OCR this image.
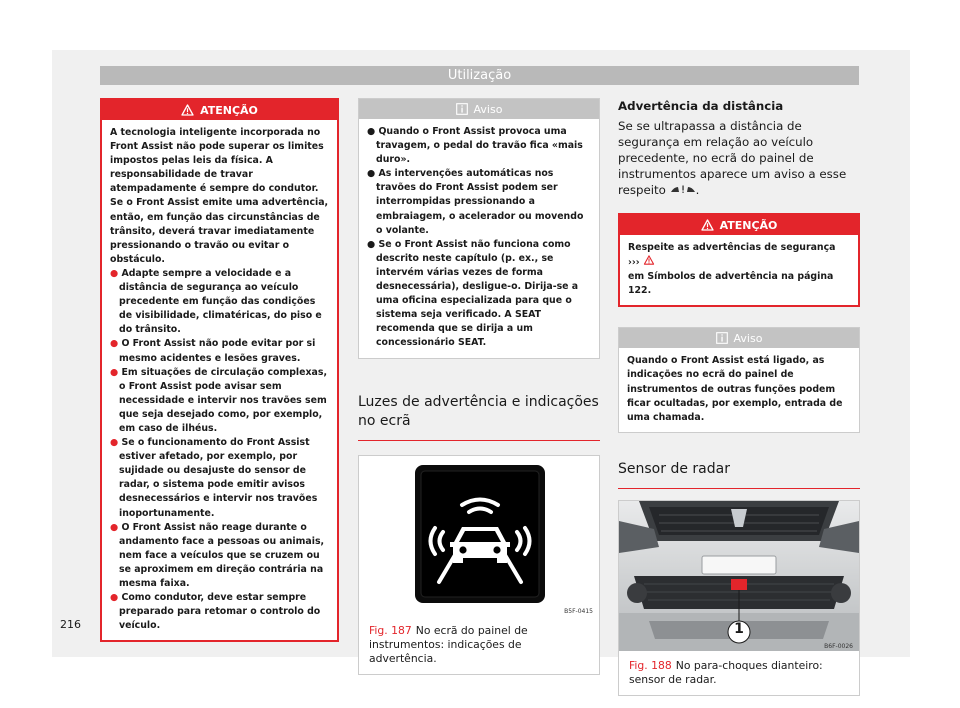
Utilização
ATENÇÃO

A tecnologia inteligente incorporada no Front Assist não pode superar os limites impostos pelas leis da física. A responsabilidade de travar atempadamente é sempre do condutor. Se o Front Assist emite uma advertência, então, em função das circunstâncias de trânsito, deverá travar imediatamente pressionando o travão ou evitar o obstáculo.

● Adapte sempre a velocidade e a distância de segurança ao veículo precedente em função das condições de visibilidade, climatéricas, do piso e do trânsito.

● O Front Assist não pode evitar por si mesmo acidentes e lesões graves.

● Em situações de circulação complexas, o Front Assist pode avisar sem necessidade e intervir nos travões sem que seja desejado como, por exemplo, em caso de ilhéus.

● Se o funcionamento do Front Assist estiver afetado, por exemplo, por sujidade ou desajuste do sensor de radar, o sistema pode emitir avisos desnecessários e intervir nos travões inoportunamente.

● O Front Assist não reage durante o andamento face a pessoas ou animais, nem face a veículos que se cruzem ou se aproximem em direção contrária na mesma faixa.

● Como condutor, deve estar sempre preparado para retomar o controlo do veículo.

Aviso

● Quando o Front Assist provoca uma travagem, o pedal do travão fica «mais duro».

● As intervenções automáticas nos travões do Front Assist podem ser interrompidas pressionando a embraiagem, o acelerador ou movendo o volante.

● Se o Front Assist não funciona como descrito neste capítulo (p. ex., se intervém várias vezes de forma desnecessária), desligue-o. Dirija-se a uma oficina especializada para que o sistema seja verificado. A SEAT recomenda que se dirija a um concessionário SEAT.

Luzes de advertência e indicações no ecrã
B5F-0415
Fig. 187 No ecrã do painel de instrumentos: indicações de advertência.
Advertência da distância
Se se ultrapassa a distância de segurança em relação ao veículo precedente, no ecrã do painel de instrumentos aparece um aviso a esse respeito	.
ATENÇÃO

Respeite as advertências de segurança ›››
em Símbolos de advertência na página 122.

Aviso

Quando o Front Assist está ligado, as indicações no ecrã do painel de instrumentos de outras funções podem ficar ocultadas, por exemplo, entrada de uma chamada.

Sensor de radar
1
B6F-0026
Fig. 188 No para-choques dianteiro: sensor de radar.
216
